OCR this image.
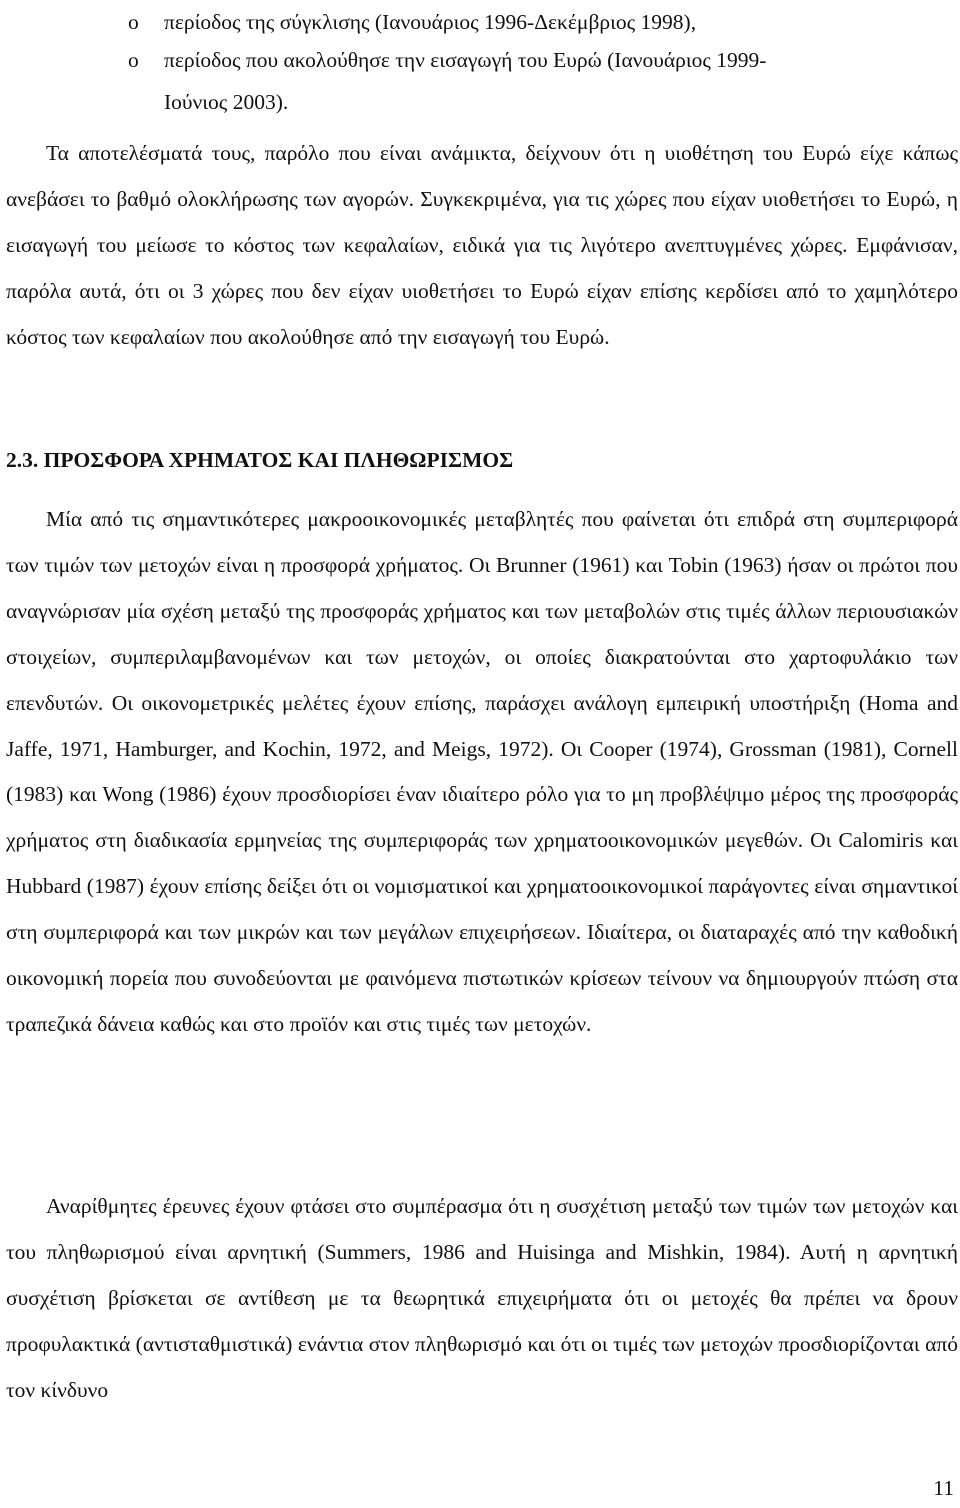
o περίοδος της σύγκλισης (Ιανουάριος 1996-Δεκέμβριος 1998),
o περίοδος που ακολούθησε την εισαγωγή του Ευρώ (Ιανουάριος 1999-
Ιούνιος 2003).
Τα αποτελέσματά τους, παρόλο που είναι ανάμικτα, δείχνουν ότι η υιοθέτηση του Ευρώ είχε κάπως ανεβάσει το βαθμό ολοκλήρωσης των αγορών. Συγκεκριμένα, για τις χώρες που είχαν υιοθετήσει το Ευρώ, η εισαγωγή του μείωσε το κόστος των κεφαλαίων, ειδικά για τις λιγότερο ανεπτυγμένες χώρες. Εμφάνισαν, παρόλα αυτά, ότι οι 3 χώρες που δεν είχαν υιοθετήσει το Ευρώ είχαν επίσης κερδίσει από το χαμηλότερο κόστος των κεφαλαίων που ακολούθησε από την εισαγωγή του Ευρώ.
2.3. ΠΡΟΣΦΟΡΑ ΧΡΗΜΑΤΟΣ ΚΑΙ ΠΛΗΘΩΡΙΣΜΟΣ
Μία από τις σημαντικότερες μακροοικονομικές μεταβλητές που φαίνεται ότι επιδρά στη συμπεριφορά των τιμών των μετοχών είναι η προσφορά χρήματος. Οι Brunner (1961) και Tobin (1963) ήσαν οι πρώτοι που αναγνώρισαν μία σχέση μεταξύ της προσφοράς χρήματος και των μεταβολών στις τιμές άλλων περιουσιακών στοιχείων, συμπεριλαμβανομένων και των μετοχών, οι οποίες διακρατούνται στο χαρτοφυλάκιο των επενδυτών. Οι οικονομετρικές μελέτες έχουν επίσης, παράσχει ανάλογη εμπειρική υποστήριξη (Homa and Jaffe, 1971, Hamburger, and Kochin, 1972, and Meigs, 1972). Οι Cooper (1974), Grossman (1981), Cornell (1983) και Wong (1986) έχουν προσδιορίσει έναν ιδιαίτερο ρόλο για το μη προβλέψιμο μέρος της προσφοράς χρήματος στη διαδικασία ερμηνείας της συμπεριφοράς των χρηματοοικονομικών μεγεθών. Οι Calomiris και Hubbard (1987) έχουν επίσης δείξει ότι οι νομισματικοί και χρηματοοικονομικοί παράγοντες είναι σημαντικοί στη συμπεριφορά και των μικρών και των μεγάλων επιχειρήσεων. Ιδιαίτερα, οι διαταραχές από την καθοδική οικονομική πορεία που συνοδεύονται με φαινόμενα πιστωτικών κρίσεων τείνουν να δημιουργούν πτώση στα τραπεζικά δάνεια καθώς και στο προϊόν και στις τιμές των μετοχών.
Αναρίθμητες έρευνες έχουν φτάσει στο συμπέρασμα ότι η συσχέτιση μεταξύ των τιμών των μετοχών και του πληθωρισμού είναι αρνητική (Summers, 1986 and Huisinga and Mishkin, 1984). Αυτή η αρνητική συσχέτιση βρίσκεται σε αντίθεση με τα θεωρητικά επιχειρήματα ότι οι μετοχές θα πρέπει να δρουν προφυλακτικά (αντισταθμιστικά) ενάντια στον πληθωρισμό και ότι οι τιμές των μετοχών προσδιορίζονται από τον κίνδυνο
11
